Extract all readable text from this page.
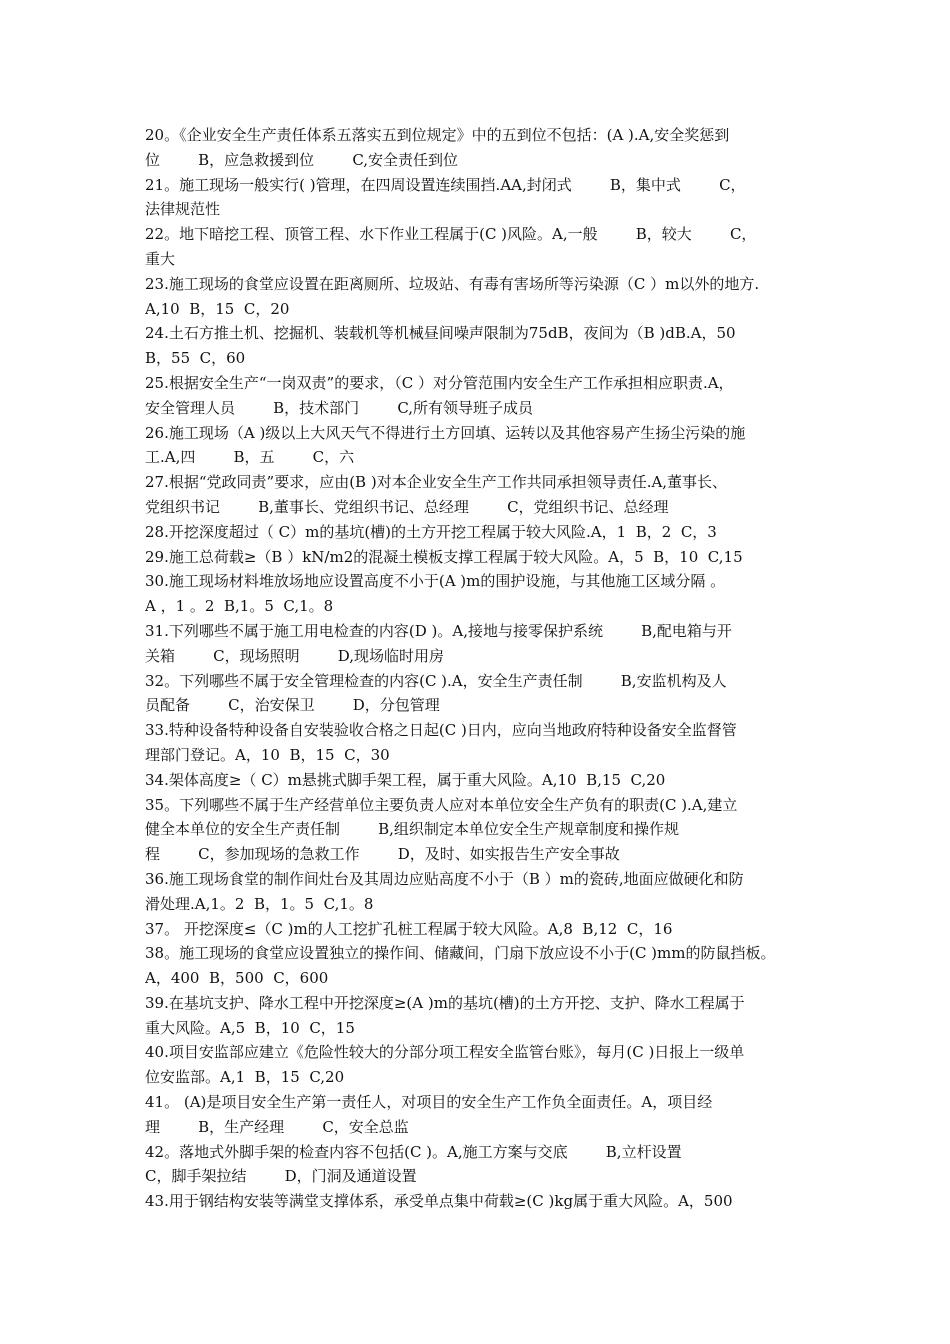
20。《企业安全生产责任体系五落实五到位规定》中的五到位不包括：(A ).A,安全奖惩到
位        B，应急救援到位        C,安全责任到位
21。施工现场一般实行( )管理，在四周设置连续围挡.AA,封闭式        B，集中式        C，
法律规范性
22。地下暗挖工程、顶管工程、水下作业工程属于(C )风险。A,一般        B，较大        C，
重大
23.施工现场的食堂应设置在距离厕所、垃圾站、有毒有害场所等污染源（C ）m以外的地方.
A,10  B，15  C，20
24.土石方推土机、挖掘机、装载机等机械昼间噪声限制为75dB，夜间为（B )dB.A，50
B，55  C，60
25.根据安全生产“一岗双责”的要求，（C ）对分管范围内安全生产工作承担相应职责.A，
安全管理人员        B，技术部门        C,所有领导班子成员
26.施工现场（A )级以上大风天气不得进行土方回填、运转以及其他容易产生扬尘污染的施
工.A,四        B，五        C，六
27.根据“党政同责”要求，应由(B )对本企业安全生产工作共同承担领导责任.A,董事长、
党组织书记        B,董事长、党组织书记、总经理        C，党组织书记、总经理
28.开挖深度超过（ C）m的基坑(槽)的土方开挖工程属于较大风险.A，1  B，2  C，3
29.施工总荷载≥（B ）kN/m2的混凝土模板支撑工程属于较大风险。A，5  B，10  C,15
30.施工现场材料堆放场地应设置高度不小于(A )m的围护设施，与其他施工区域分隔 。
A ，1 。2  B,1。5  C,1。8
31.下列哪些不属于施工用电检查的内容(D )。A,接地与接零保护系统        B,配电箱与开
关箱        C，现场照明        D,现场临时用房
32。下列哪些不属于安全管理检查的内容(C ).A，安全生产责任制        B,安监机构及人
员配备        C，治安保卫        D，分包管理
33.特种设备特种设备自安装验收合格之日起(C )日内，应向当地政府特种设备安全监督管
理部门登记。A，10  B，15  C，30
34.架体高度≥（ C）m悬挑式脚手架工程，属于重大风险。A,10  B,15  C,20
35。下列哪些不属于生产经营单位主要负责人应对本单位安全生产负有的职责(C ).A,建立
健全本单位的安全生产责任制        B,组织制定本单位安全生产规章制度和操作规
程        C，参加现场的急救工作        D，及时、如实报告生产安全事故
36.施工现场食堂的制作间灶台及其周边应贴高度不小于（B ）m的瓷砖,地面应做硬化和防
滑处理.A,1。2  B，1。5  C,1。8
37。 开挖深度≤（C )m的人工挖扩孔桩工程属于较大风险。A,8  B,12  C，16
38。施工现场的食堂应设置独立的操作间、储藏间，门扇下放应设不小于(C )mm的防鼠挡板。
A，400  B，500  C，600
39.在基坑支护、降水工程中开挖深度≥(A )m的基坑(槽)的土方开挖、支护、降水工程属于
重大风险。A,5  B，10  C，15
40.项目安监部应建立《危险性较大的分部分项工程安全监管台账》，每月(C )日报上一级单
位安监部。A,1  B，15  C,20
41。 (A)是项目安全生产第一责任人，对项目的安全生产工作负全面责任。A，项目经
理        B，生产经理        C，安全总监
42。落地式外脚手架的检查内容不包括(C )。A,施工方案与交底        B,立杆设置
C，脚手架拉结        D，门洞及通道设置
43.用于钢结构安装等满堂支撑体系，承受单点集中荷载≥(C )kg属于重大风险。A，500
